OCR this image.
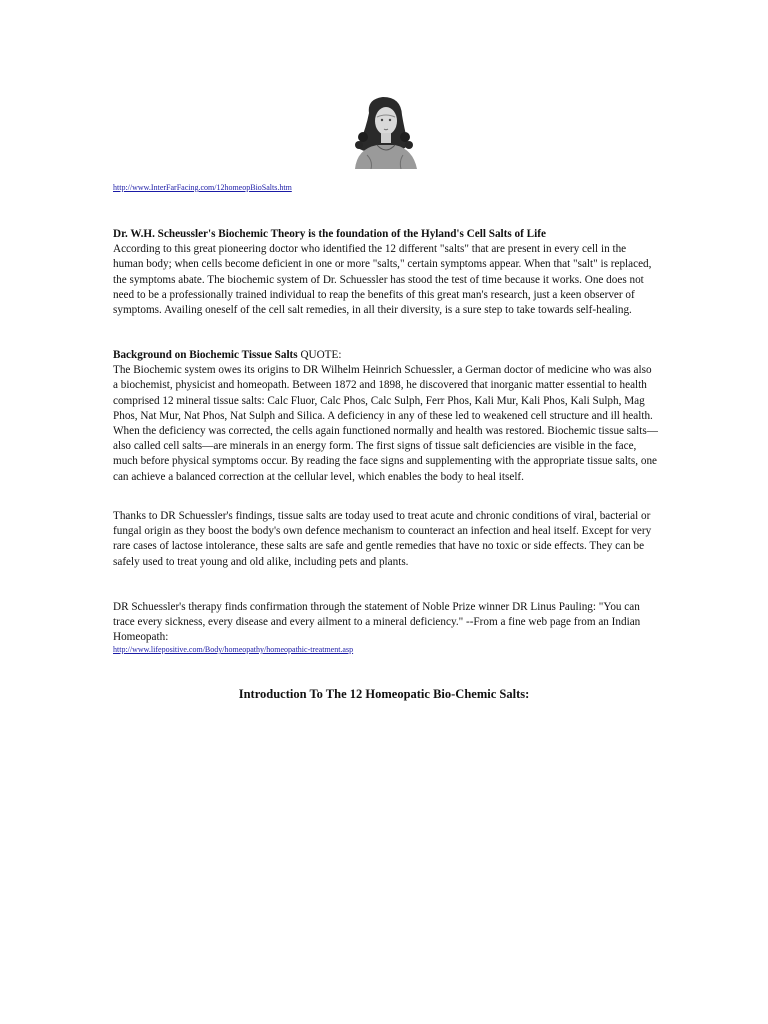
http://www.InterFarFacing.com/12homeopBioSalts.htm
Dr. W.H. Scheussler's Biochemic Theory is the foundation of the Hyland's Cell Salts of Life
According to this great pioneering doctor who identified the 12 different "salts" that are present in every cell in the human body; when cells become deficient in one or more "salts," certain symptoms appear. When that "salt" is replaced, the symptoms abate. The biochemic system of Dr. Schuessler has stood the test of time because it works. One does not need to be a professionally trained individual to reap the benefits of this great man's research, just a keen observer of symptoms. Availing oneself of the cell salt remedies, in all their diversity, is a sure step to take towards self-healing.
Background on Biochemic Tissue Salts QUOTE:
The Biochemic system owes its origins to DR Wilhelm Heinrich Schuessler, a German doctor of medicine who was also a biochemist, physicist and homeopath. Between 1872 and 1898, he discovered that inorganic matter essential to health comprised 12 mineral tissue salts: Calc Fluor, Calc Phos, Calc Sulph, Ferr Phos, Kali Mur, Kali Phos, Kali Sulph, Mag Phos, Nat Mur, Nat Phos, Nat Sulph and Silica. A deficiency in any of these led to weakened cell structure and ill health. When the deficiency was corrected, the cells again functioned normally and health was restored. Biochemic tissue salts—also called cell salts—are minerals in an energy form. The first signs of tissue salt deficiencies are visible in the face, much before physical symptoms occur. By reading the face signs and supplementing with the appropriate tissue salts, one can achieve a balanced correction at the cellular level, which enables the body to heal itself.
Thanks to DR Schuessler's findings, tissue salts are today used to treat acute and chronic conditions of viral, bacterial or fungal origin as they boost the body's own defence mechanism to counteract an infection and heal itself. Except for very rare cases of lactose intolerance, these salts are safe and gentle remedies that have no toxic or side effects. They can be safely used to treat young and old alike, including pets and plants.
DR Schuessler's therapy finds confirmation through the statement of Noble Prize winner DR Linus Pauling: "You can trace every sickness, every disease and every ailment to a mineral deficiency." --From a fine web page from an Indian Homeopath:
http://www.lifepositive.com/Body/homeopathy/homeopathic-treatment.asp
Introduction To The 12 Homeopatic Bio-Chemic Salts:
